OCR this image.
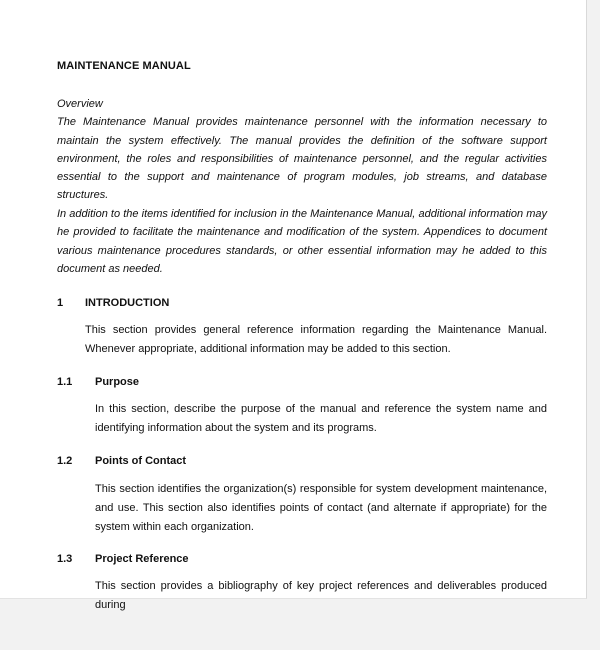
MAINTENANCE MANUAL
Overview
The Maintenance Manual provides maintenance personnel with the information necessary to maintain the system effectively. The manual provides the definition of the software support environment, the roles and responsibilities of maintenance personnel, and the regular activities essential to the support and maintenance of program modules, job streams, and database structures.
In addition to the items identified for inclusion in the Maintenance Manual, additional information may he provided to facilitate the maintenance and modification of the system. Appendices to document various maintenance procedures standards, or other essential information may he added to this document as needed.
1 INTRODUCTION
This section provides general reference information regarding the Maintenance Manual. Whenever appropriate, additional information may be added to this section.
1.1 Purpose
In this section, describe the purpose of the manual and reference the system name and identifying information about the system and its programs.
1.2 Points of Contact
This section identifies the organization(s) responsible for system development maintenance, and use. This section also identifies points of contact (and alternate if appropriate) for the system within each organization.
1.3 Project Reference
This section provides a bibliography of key project references and deliverables produced during
